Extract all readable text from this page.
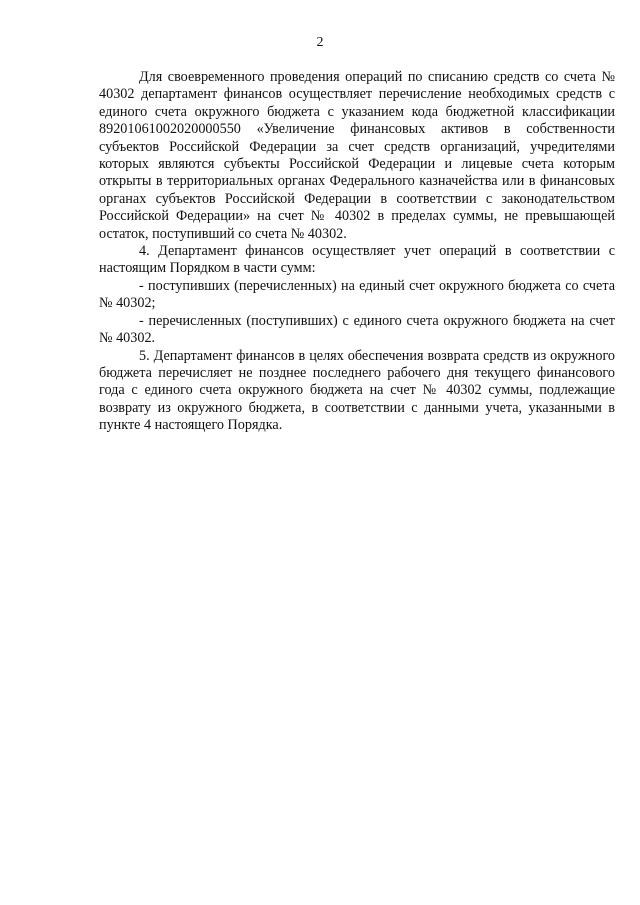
2

Для своевременного проведения операций по списанию средств со счета № 40302 департамент финансов осуществляет перечисление необходимых средств с единого счета окружного бюджета с указанием кода бюджетной классификации 89201061002020000550 «Увеличение финансовых активов в собственности субъектов Российской Федерации за счет средств организаций, учредителями которых являются субъекты Российской Федерации и лицевые счета которым открыты в территориальных органах Федерального казначейства или в финансовых органах субъектов Российской Федерации в соответствии с законодательством Российской Федерации» на счет № 40302 в пределах суммы, не превышающей остаток, поступивший со счета № 40302.

4. Департамент финансов осуществляет учет операций в соответствии с настоящим Порядком в части сумм:

- поступивших (перечисленных) на единый счет окружного бюджета со счета № 40302;

- перечисленных (поступивших) с единого счета окружного бюджета на счет № 40302.

5. Департамент финансов в целях обеспечения возврата средств из окружного бюджета перечисляет не позднее последнего рабочего дня текущего финансового года с единого счета окружного бюджета на счет № 40302 суммы, подлежащие возврату из окружного бюджета, в соответствии с данными учета, указанными в пункте 4 настоящего Порядка.
